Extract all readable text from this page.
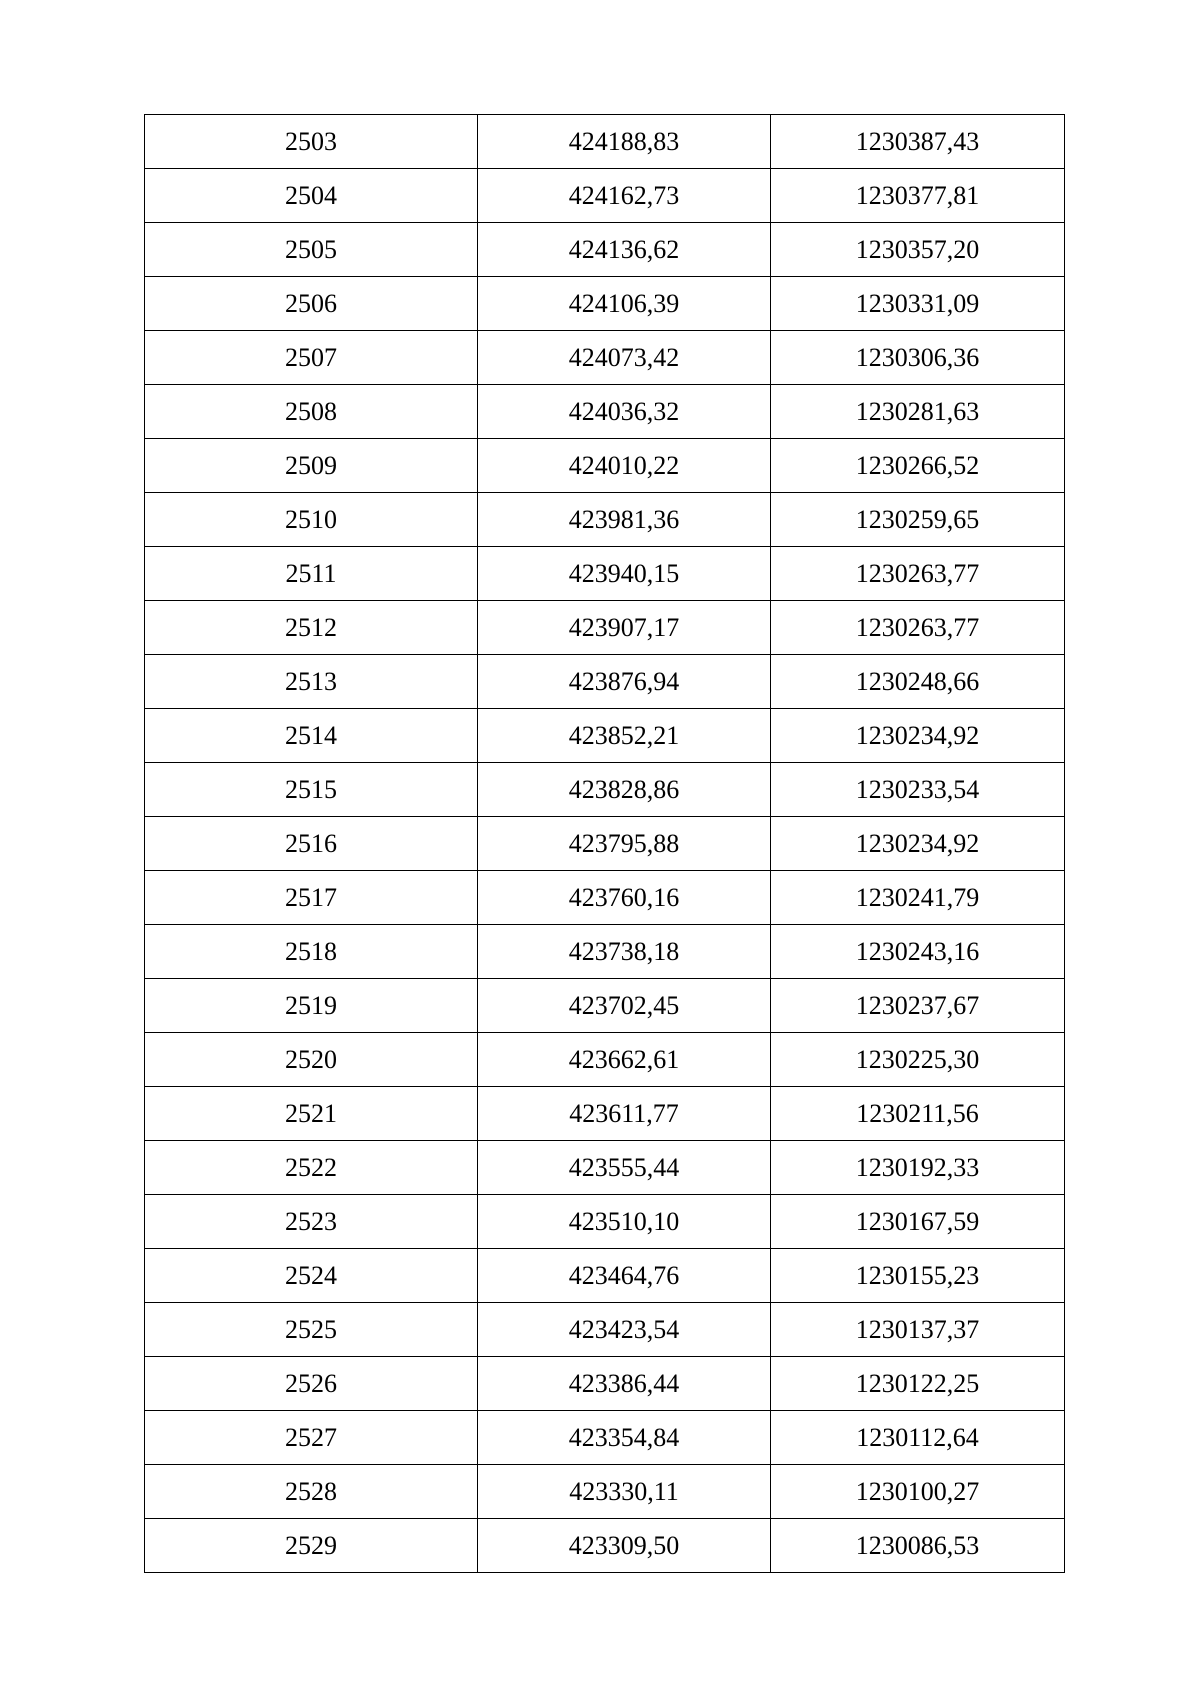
2503	424188,83	1230387,43
2504	424162,73	1230377,81
2505	424136,62	1230357,20
2506	424106,39	1230331,09
2507	424073,42	1230306,36
2508	424036,32	1230281,63
2509	424010,22	1230266,52
2510	423981,36	1230259,65
2511	423940,15	1230263,77
2512	423907,17	1230263,77
2513	423876,94	1230248,66
2514	423852,21	1230234,92
2515	423828,86	1230233,54
2516	423795,88	1230234,92
2517	423760,16	1230241,79
2518	423738,18	1230243,16
2519	423702,45	1230237,67
2520	423662,61	1230225,30
2521	423611,77	1230211,56
2522	423555,44	1230192,33
2523	423510,10	1230167,59
2524	423464,76	1230155,23
2525	423423,54	1230137,37
2526	423386,44	1230122,25
2527	423354,84	1230112,64
2528	423330,11	1230100,27
2529	423309,50	1230086,53
